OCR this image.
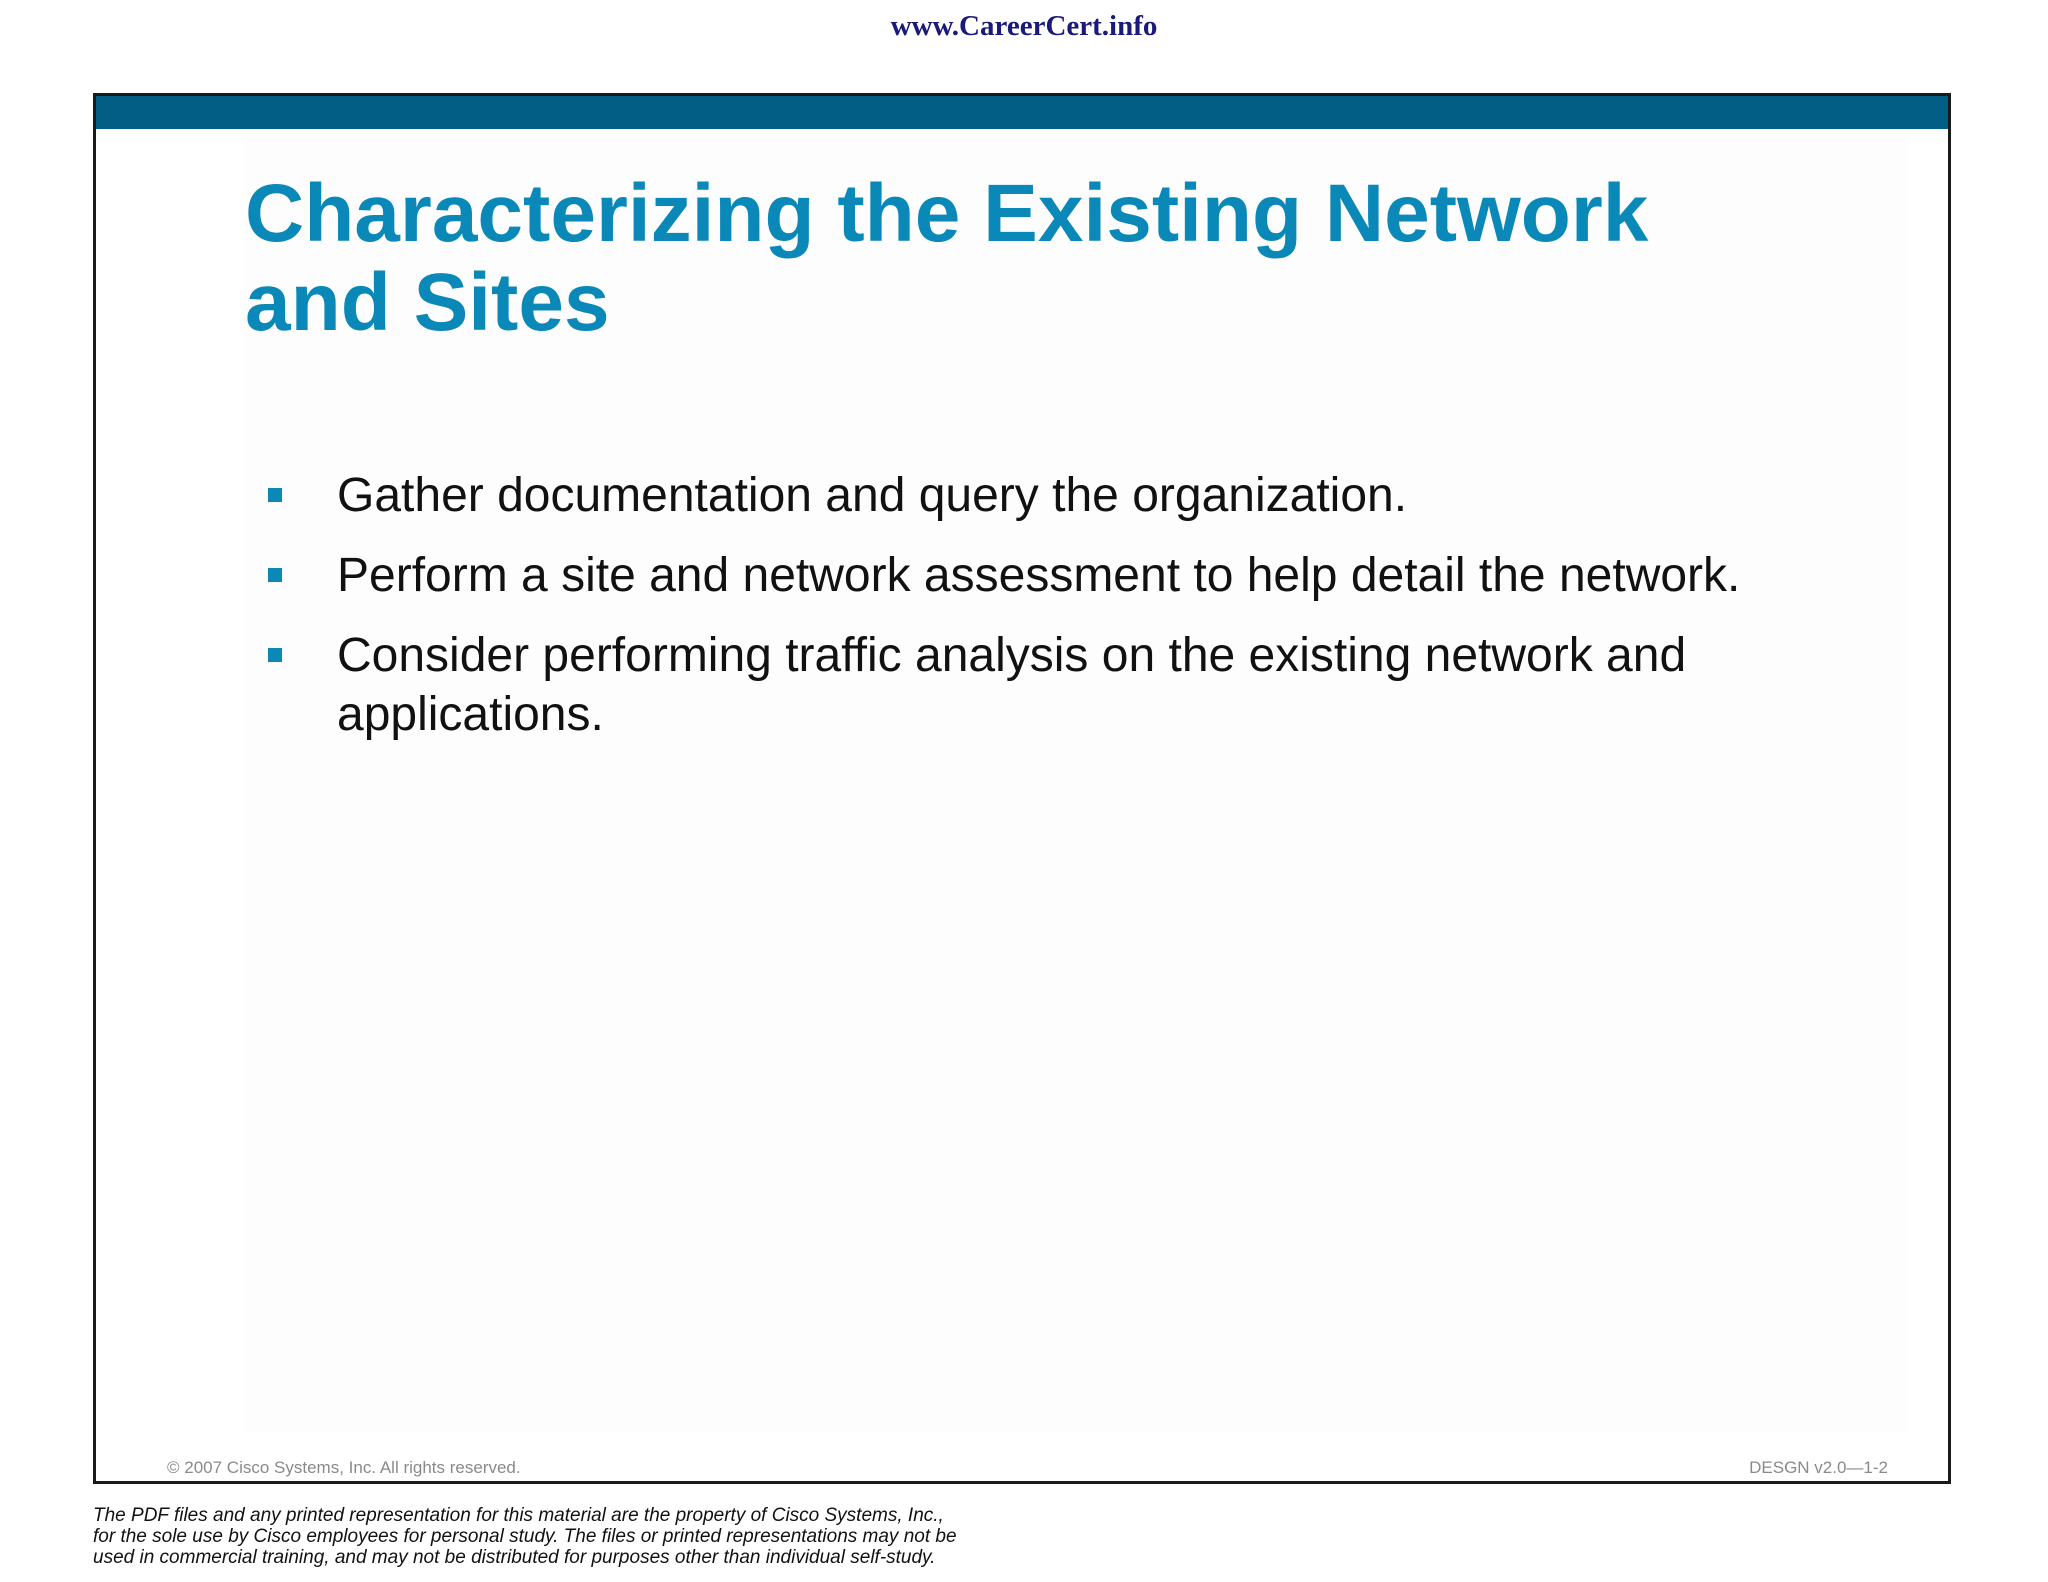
www.CareerCert.info
Characterizing the Existing Network and Sites
Gather documentation and query the organization.
Perform a site and network assessment to help detail the network.
Consider performing traffic analysis on the existing network and applications.
© 2007 Cisco Systems, Inc. All rights reserved.	DESGN v2.0—1-2
The PDF files and any printed representation for this material are the property of Cisco Systems, Inc.,
for the sole use by Cisco employees for personal study. The files or printed representations may not be
used in commercial training, and may not be distributed for purposes other than individual self-study.
